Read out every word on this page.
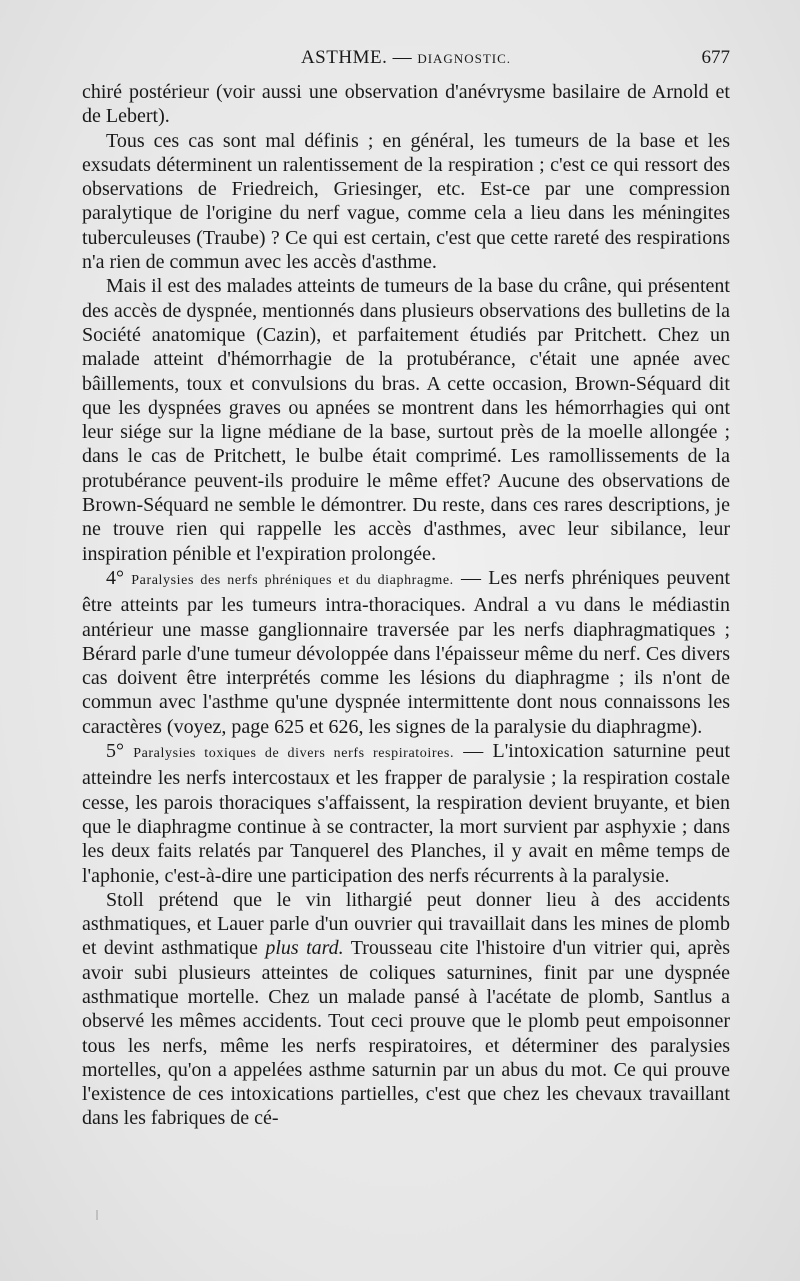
ASTHME. — DIAGNOSTIC.	677

chiré postérieur (voir aussi une observation d'anévrysme basilaire de Arnold et de Lebert).

Tous ces cas sont mal définis ; en général, les tumeurs de la base et les exsudats déterminent un ralentissement de la respiration ; c'est ce qui ressort des observations de Friedreich, Griesinger, etc. Est-ce par une compression paralytique de l'origine du nerf vague, comme cela a lieu dans les méningites tuberculeuses (Traube) ? Ce qui est certain, c'est que cette rareté des respirations n'a rien de commun avec les accès d'asthme.

Mais il est des malades atteints de tumeurs de la base du crâne, qui présentent des accès de dyspnée, mentionnés dans plusieurs observations des bulletins de la Société anatomique (Cazin), et parfaitement étudiés par Pritchett. Chez un malade atteint d'hémorrhagie de la protubérance, c'était une apnée avec bâillements, toux et convulsions du bras. A cette occasion, Brown-Séquard dit que les dyspnées graves ou apnées se montrent dans les hémorrhagies qui ont leur siége sur la ligne médiane de la base, surtout près de la moelle allongée ; dans le cas de Pritchett, le bulbe était comprimé. Les ramollissements de la protubérance peuvent-ils produire le même effet? Aucune des observations de Brown-Séquard ne semble le démontrer. Du reste, dans ces rares descriptions, je ne trouve rien qui rappelle les accès d'asthmes, avec leur sibilance, leur inspiration pénible et l'expiration prolongée.

4° Paralysies des nerfs phréniques et du diaphragme. — Les nerfs phréniques peuvent être atteints par les tumeurs intra-thoraciques. Andral a vu dans le médiastin antérieur une masse ganglionnaire traversée par les nerfs diaphragmatiques ; Bérard parle d'une tumeur dévoloppée dans l'épaisseur même du nerf. Ces divers cas doivent être interprétés comme les lésions du diaphragme ; ils n'ont de commun avec l'asthme qu'une dyspnée intermittente dont nous connaissons les caractères (voyez, page 625 et 626, les signes de la paralysie du diaphragme).

5° Paralysies toxiques de divers nerfs respiratoires. — L'intoxication saturnine peut atteindre les nerfs intercostaux et les frapper de paralysie ; la respiration costale cesse, les parois thoraciques s'affaissent, la respiration devient bruyante, et bien que le diaphragme continue à se contracter, la mort survient par asphyxie ; dans les deux faits relatés par Tanquerel des Planches, il y avait en même temps de l'aphonie, c'est-à-dire une participation des nerfs récurrents à la paralysie.

Stoll prétend que le vin lithargié peut donner lieu à des accidents asthmatiques, et Lauer parle d'un ouvrier qui travaillait dans les mines de plomb et devint asthmatique plus tard. Trousseau cite l'histoire d'un vitrier qui, après avoir subi plusieurs atteintes de coliques saturnines, finit par une dyspnée asthmatique mortelle. Chez un malade pansé à l'acétate de plomb, Santlus a observé les mêmes accidents. Tout ceci prouve que le plomb peut empoisonner tous les nerfs, même les nerfs respiratoires, et déterminer des paralysies mortelles, qu'on a appelées asthme saturnin par un abus du mot. Ce qui prouve l'existence de ces intoxications partielles, c'est que chez les chevaux travaillant dans les fabriques de cé-
